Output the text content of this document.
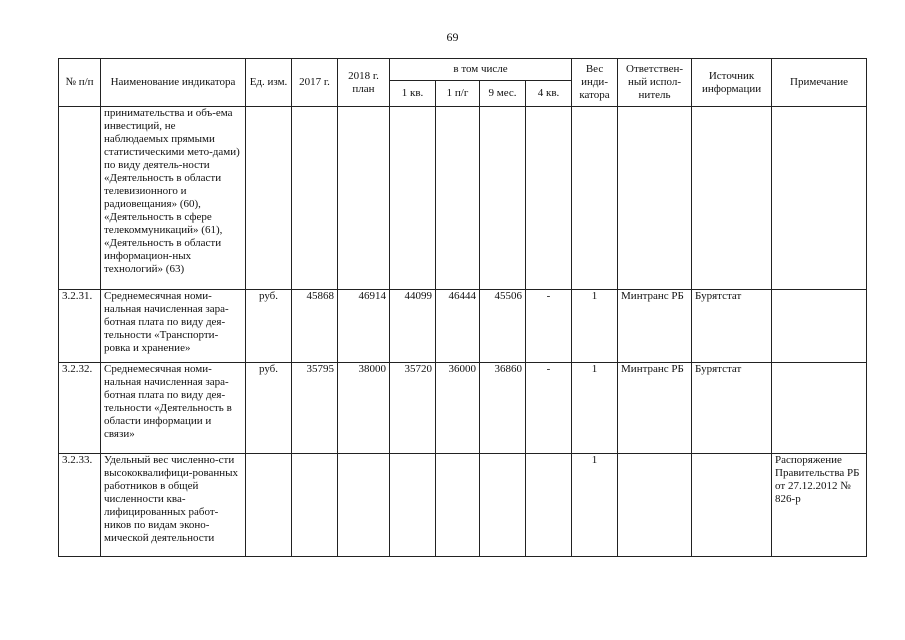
69
№ п/п	Наименование индикатора	Ед. изм.	2017 г.	2018 г. план	в том числе				Вес инди-катора	Ответствен-ный испол-нитель	Источник информации	Примечание
					1 кв.	1 п/г	9 мес.	4 кв.				
	принимательства и объ-ема инвестиций, не наблюдаемых прямыми статистическими мето-дами) по виду деятель-ности «Деятельность в области телевизионного и радиовещания» (60), «Деятельность в сфере телекоммуникаций» (61), «Деятельность в области информацион-ных технологий» (63)											
3.2.31.	Среднемесячная номи-нальная начисленная зара-ботная плата по виду дея-тельности «Транспорти-ровка и хранение»	руб.	45868	46914	44099	46444	45506	-	1	Минтранс РБ	Бурятстат	
3.2.32.	Среднемесячная номи-нальная начисленная зара-ботная плата по виду дея-тельности «Деятельность в области информации и связи»	руб.	35795	38000	35720	36000	36860	-	1	Минтранс РБ	Бурятстат	
3.2.33.	Удельный вес численно-сти высококвалифици-рованных работников в общей численности ква-лифицированных работ-ников по видам эконо-мической деятельности								1			Распоряжение Правительства РБ от 27.12.2012 № 826-р
